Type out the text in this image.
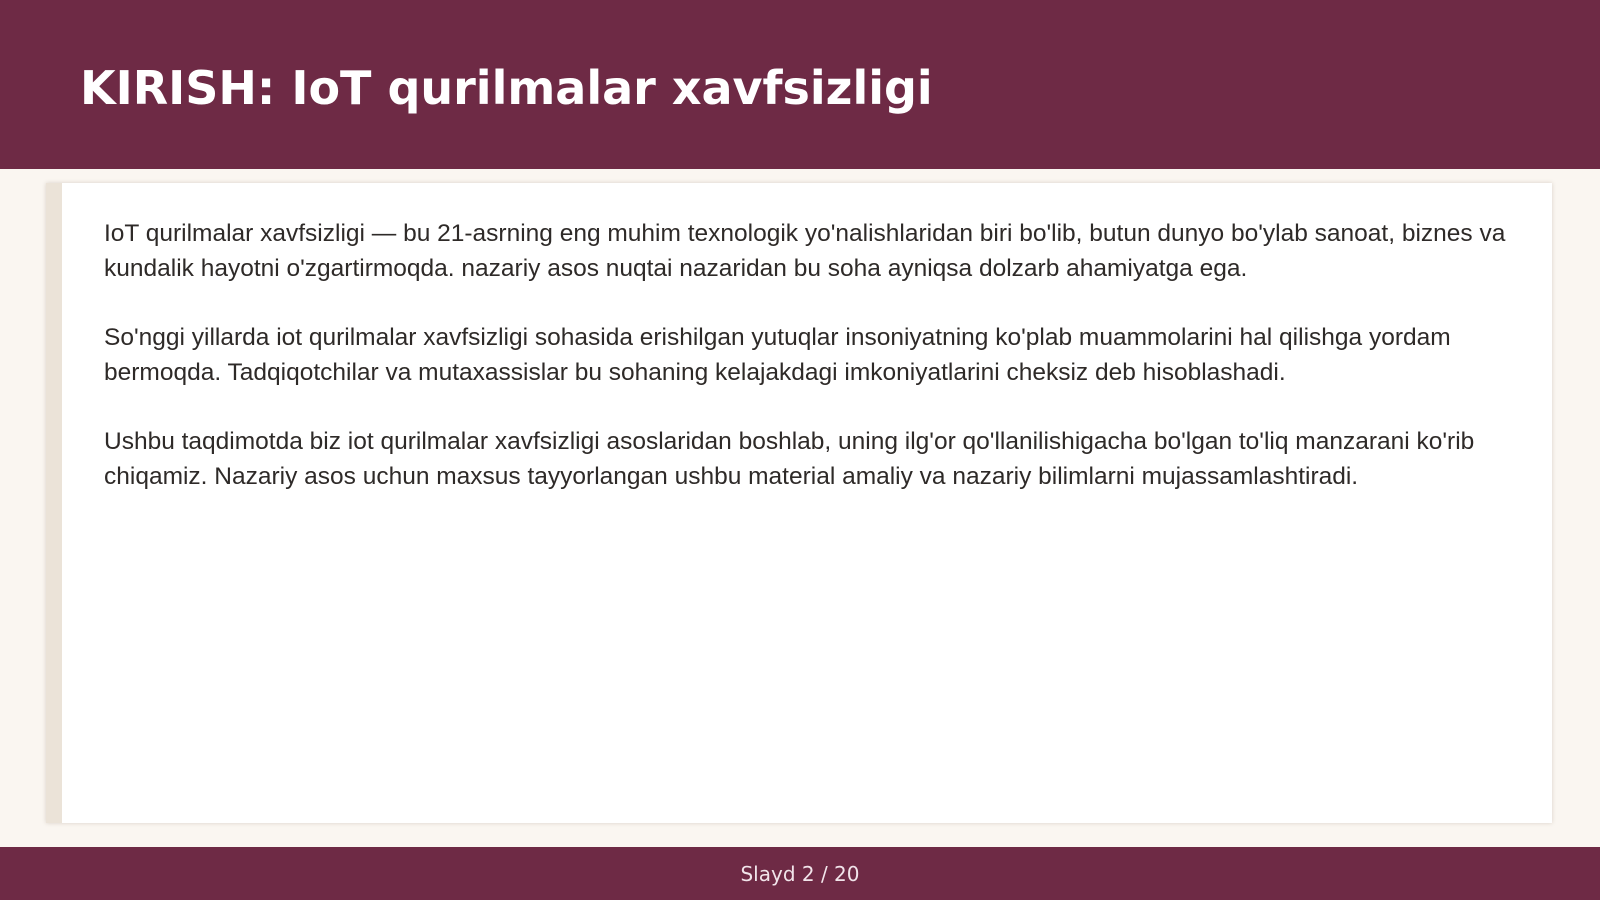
KIRISH: IoT qurilmalar xavfsizligi

IoT qurilmalar xavfsizligi — bu 21-asrning eng muhim texnologik yo'nalishlaridan biri bo'lib, butun dunyo bo'ylab sanoat, biznes va kundalik hayotni o'zgartirmoqda. nazariy asos nuqtai nazaridan bu soha ayniqsa dolzarb ahamiyatga ega.

So'nggi yillarda iot qurilmalar xavfsizligi sohasida erishilgan yutuqlar insoniyatning ko'plab muammolarini hal qilishga yordam bermoqda. Tadqiqotchilar va mutaxassislar bu sohaning kelajakdagi imkoniyatlarini cheksiz deb hisoblashadi.

Ushbu taqdimotda biz iot qurilmalar xavfsizligi asoslaridan boshlab, uning ilg'or qo'llanilishigacha bo'lgan to'liq manzarani ko'rib chiqamiz. Nazariy asos uchun maxsus tayyorlangan ushbu material amaliy va nazariy bilimlarni mujassamlashtiradi.

Slayd 2 / 20
